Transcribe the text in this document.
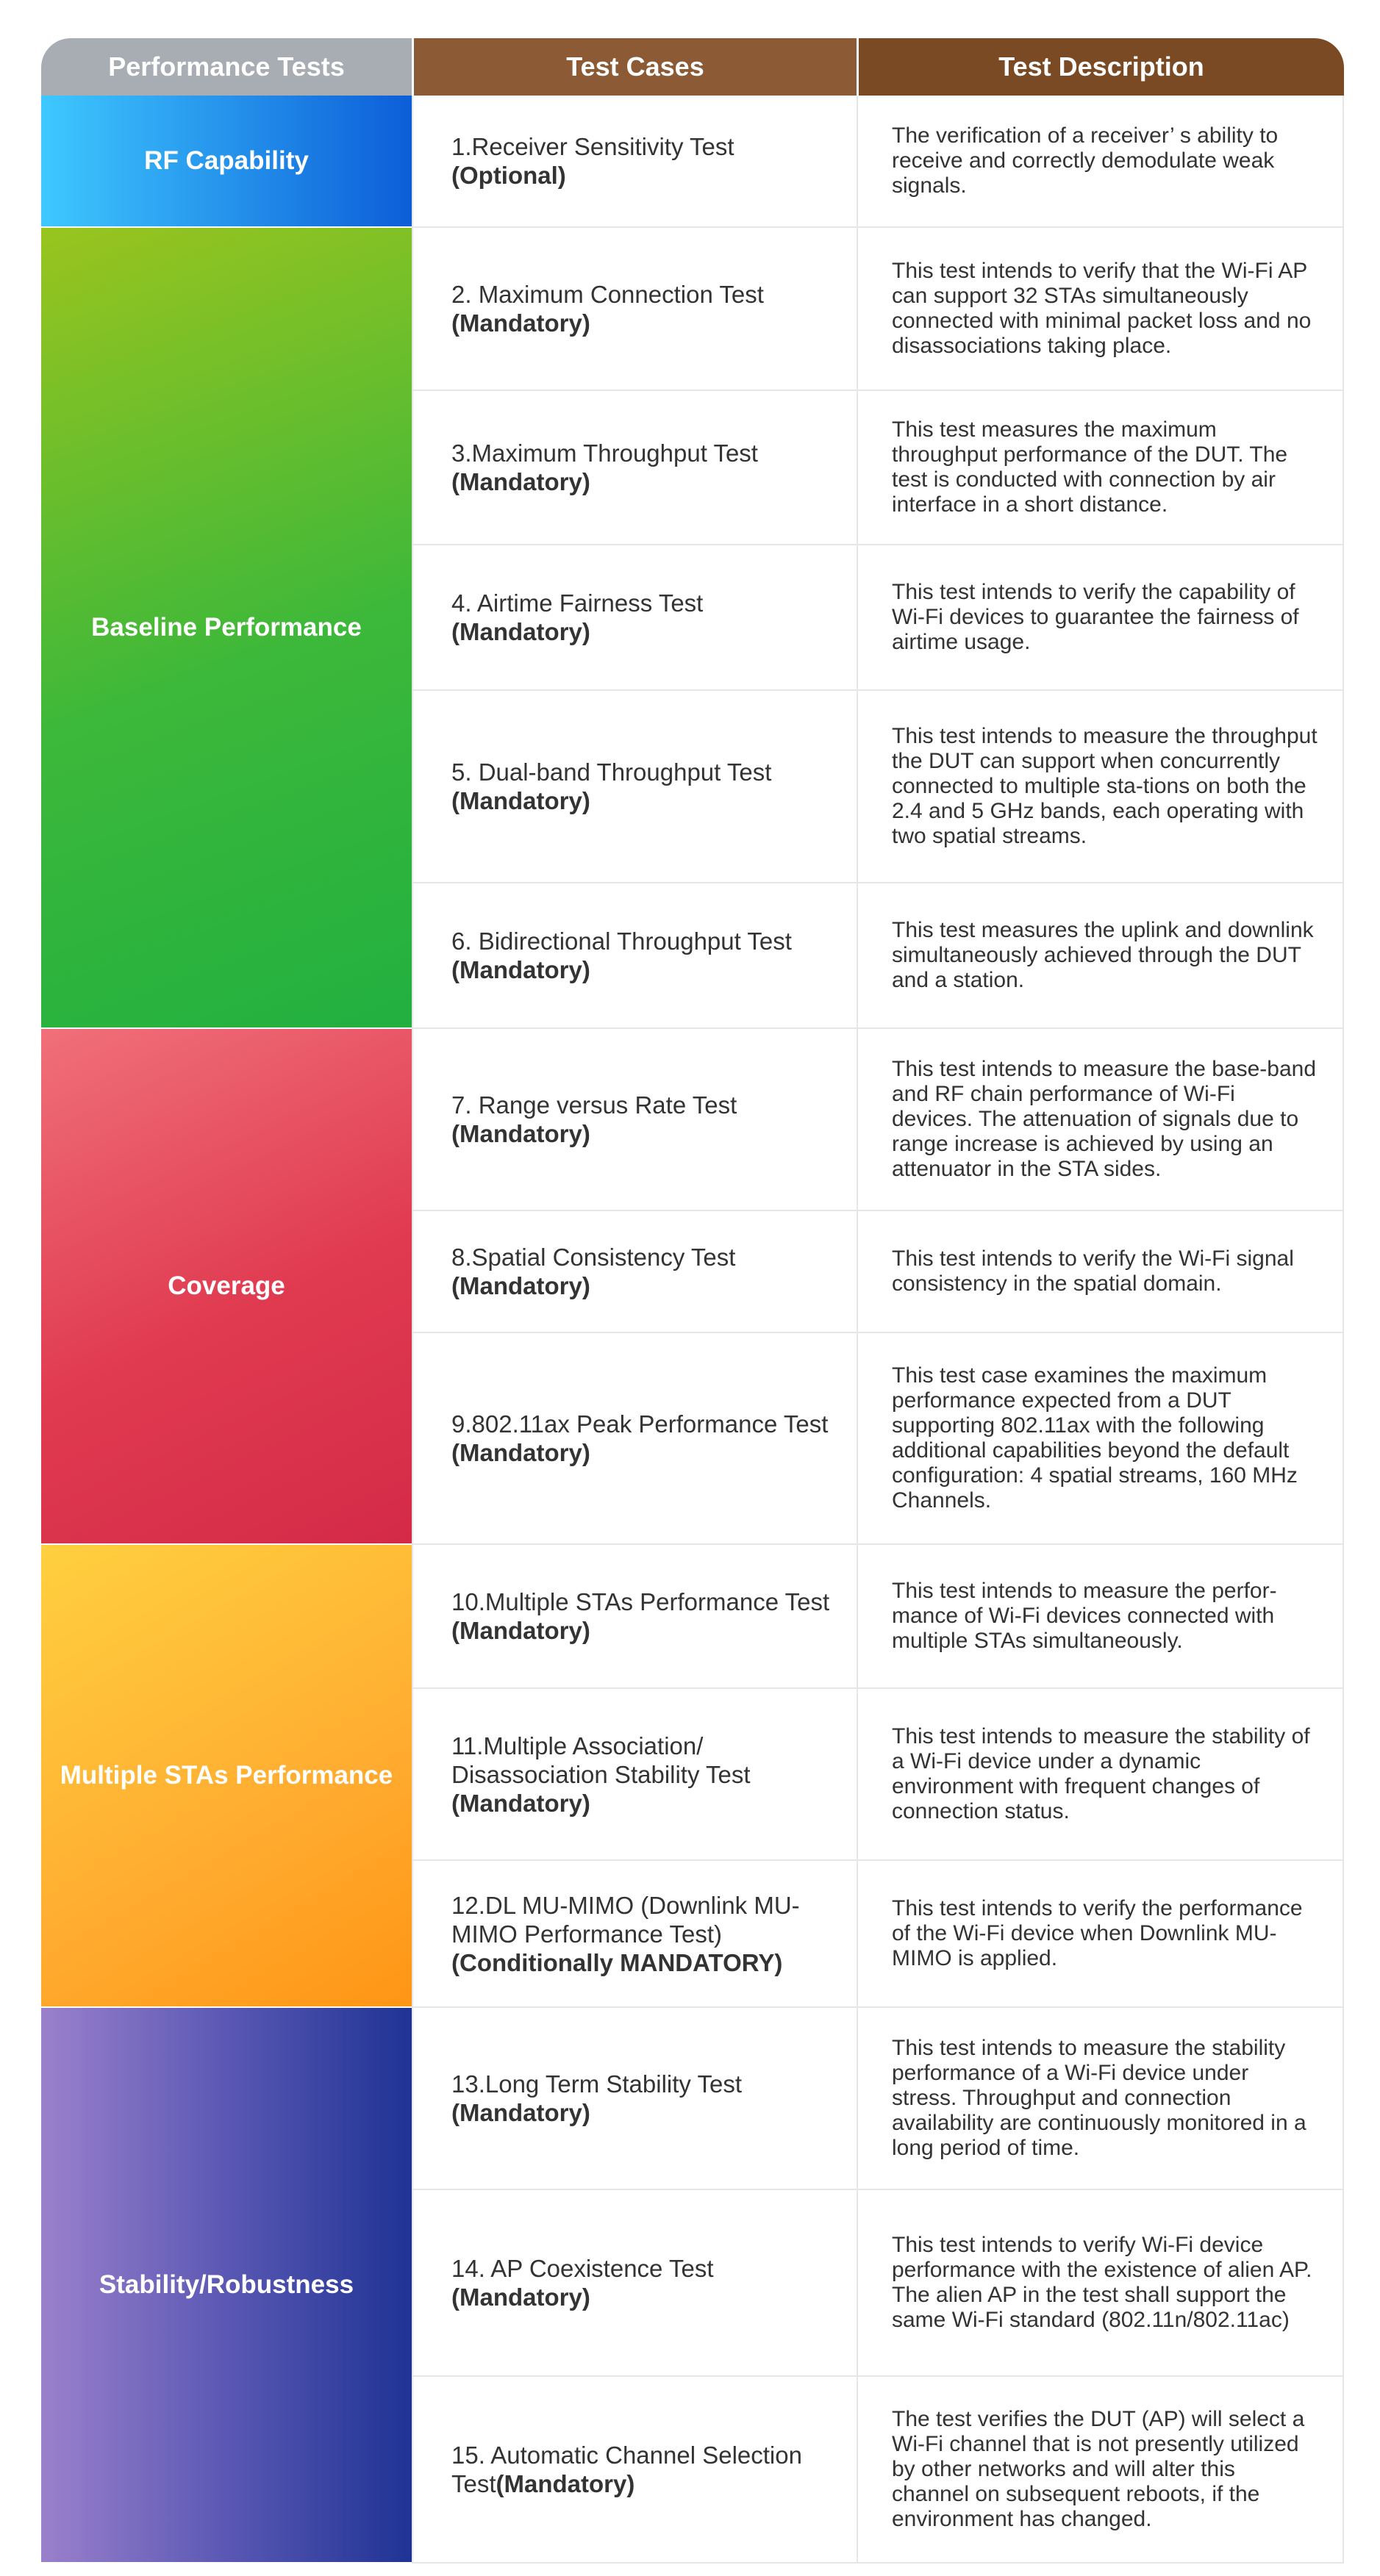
Performance Tests	Test Cases	Test Description
RF Capability
Baseline Performance
Coverage
Multiple STAs Performance
Stability/Robustness
1.Receiver Sensitivity Test
(Optional)
The verification of a receiver’ s ability to receive and correctly demodulate weak signals.
2. Maximum Connection Test
(Mandatory)
This test intends to verify that the Wi-Fi AP can support 32 STAs simultaneously connected with minimal packet loss and no disassociations taking place.
3.Maximum Throughput Test
(Mandatory)
This test measures the maximum throughput performance of the DUT. The test is conducted with connection by air interface in a short distance.
4. Airtime Fairness Test
(Mandatory)
This test intends to verify the capability of Wi-Fi devices to guarantee the fairness of airtime usage.
5. Dual-band Throughput Test
(Mandatory)
This test intends to measure the throughput the DUT can support when concurrently connected to multiple sta-tions on both the 2.4 and 5 GHz bands, each operating with two spatial streams.
6. Bidirectional Throughput Test
(Mandatory)
This test measures the uplink and downlink simultaneously achieved through the DUT and a station.
7. Range versus Rate Test
(Mandatory)
This test intends to measure the base-band and RF chain performance of Wi-Fi devices. The attenuation of signals due to range increase is achieved by using an attenuator in the STA sides.
8.Spatial Consistency Test
(Mandatory)
This test intends to verify the Wi-Fi signal consistency in the spatial domain.
9.802.11ax Peak Performance Test
(Mandatory)
This test case examines the maximum performance expected from a DUT supporting 802.11ax with the following additional capabilities beyond the default configuration: 4 spatial streams, 160 MHz Channels.
10.Multiple STAs Performance Test
(Mandatory)
This test intends to measure the perfor-mance of Wi-Fi devices connected with multiple STAs simultaneously.
11.Multiple Association/ Disassociation Stability Test
(Mandatory)
This test intends to measure the stability of a Wi-Fi device under a dynamic environment with frequent changes of connection status.
12.DL MU-MIMO (Downlink MU-MIMO Performance Test)
(Conditionally MANDATORY)
This test intends to verify the performance of the Wi-Fi device when Downlink MU-MIMO is applied.
13.Long Term Stability Test
(Mandatory)
This test intends to measure the stability performance of a Wi-Fi device under stress. Throughput and connection availability are continuously monitored in a long period of time.
14. AP Coexistence Test
(Mandatory)
This test intends to verify Wi-Fi device performance with the existence of alien AP. The alien AP in the test shall support the same Wi-Fi standard (802.11n/802.11ac)
15. Automatic Channel Selection Test(Mandatory)
The test verifies the DUT (AP) will select a Wi-Fi channel that is not presently utilized by other networks and will alter this channel on subsequent reboots, if the environment has changed.
